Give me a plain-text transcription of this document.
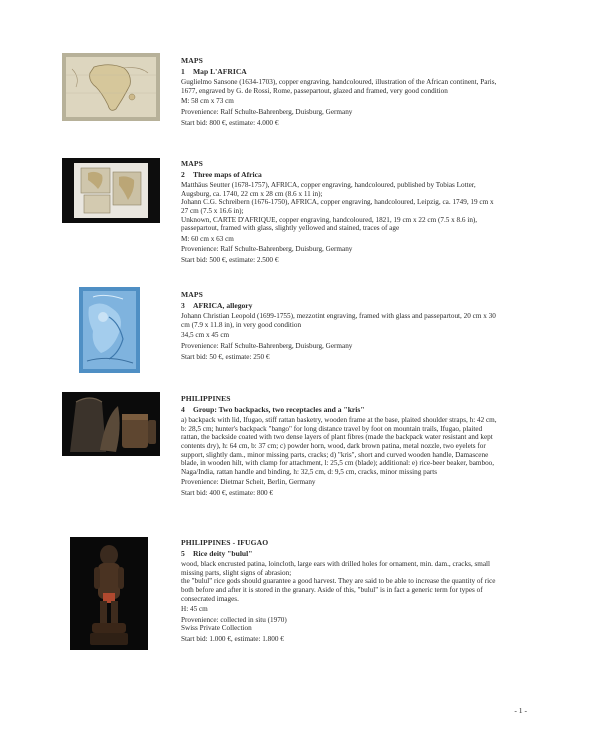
MAPS
1 Map L'AFRICA
Guglielmo Sansone (1634-1703), copper engraving, handcoloured, illustration of the African continent, Paris, 1677, engraved by G. de Rossi, Rome, passepartout, glazed and framed, very good condition
M: 58 cm x 73 cm
Provenience: Ralf Schulte-Bahrenberg, Duisburg, Germany
Start bid: 800 €, estimate: 4.000 €
MAPS
2 Three maps of Africa
Matthäus Seutter (1678-1757), AFRICA, copper engraving, handcoloured, published by Tobias Lotter, Augsburg, ca. 1740, 22 cm x 28 cm (8.6 x 11 in);
Johann C.G. Schreibern (1676-1750), AFRICA, copper engraving, handcoloured, Leipzig, ca. 1749, 19 cm x 27 cm (7.5 x 16.6 in);
Unknown, CARTE D'AFRIQUE, copper engraving, handcoloured, 1821, 19 cm x 22 cm (7.5 x 8.6 in), passepartout, framed with glass, slightly yellowed and stained, traces of age
M: 60 cm x 63 cm
Provenience: Ralf Schulte-Bahrenberg, Duisburg, Germany
Start bid: 500 €, estimate: 2.500 €
MAPS
3 AFRICA, allegory
Johann Christian Leopold (1699-1755), mezzotint engraving, framed with glass and passepartout, 20 cm x 30 cm (7.9 x 11.8 in), in very good condition
34,5 cm x 45 cm
Provenience: Ralf Schulte-Bahrenberg, Duisburg, Germany
Start bid: 50 €, estimate: 250 €
PHILIPPINES
4 Group: Two backpacks, two receptacles and a "kris"
a) backpack with lid, Ifugao, stiff rattan basketry, wooden frame at the base, plaited shoulder straps, h: 42 cm, b: 28,5 cm; hunter's backpack "bango" for long distance travel by foot on mountain trails, Ifugao, plaited rattan, the backside coated with two dense layers of plant fibres (made the backpack water resistant and kept contents dry), h: 64 cm, b: 37 cm; c) powder horn, wood, dark brown patina, metal nozzle, two eyelets for support, slightly dam., minor missing parts, cracks; d) "kris", short and curved wooden handle, Damascene blade, in wooden hilt, with clamp for attachment, l: 25,5 cm (blade); additional: e) rice-beer beaker, bamboo, Naga/India, rattan handle and binding, h: 32,5 cm, d: 9,5 cm, cracks, minor missing parts
Provenience: Dietmar Scheit, Berlin, Germany
Start bid: 400 €, estimate: 800 €
PHILIPPINES - IFUGAO
5 Rice deity "bulul"
wood, black encrusted patina, loincloth, large ears with drilled holes for ornament, min. dam., cracks, small missing parts, slight signs of abrasion;
the "bulul" rice gods should guarantee a good harvest. They are said to be able to increase the quantity of rice both before and after it is stored in the granary. Aside of this, "bulul" is in fact a generic term for types of consecrated images.
H: 45 cm
Provenience: collected in situ (1970)
Swiss Private Collection
Start bid: 1.000 €, estimate: 1.800 €
- 1 -
